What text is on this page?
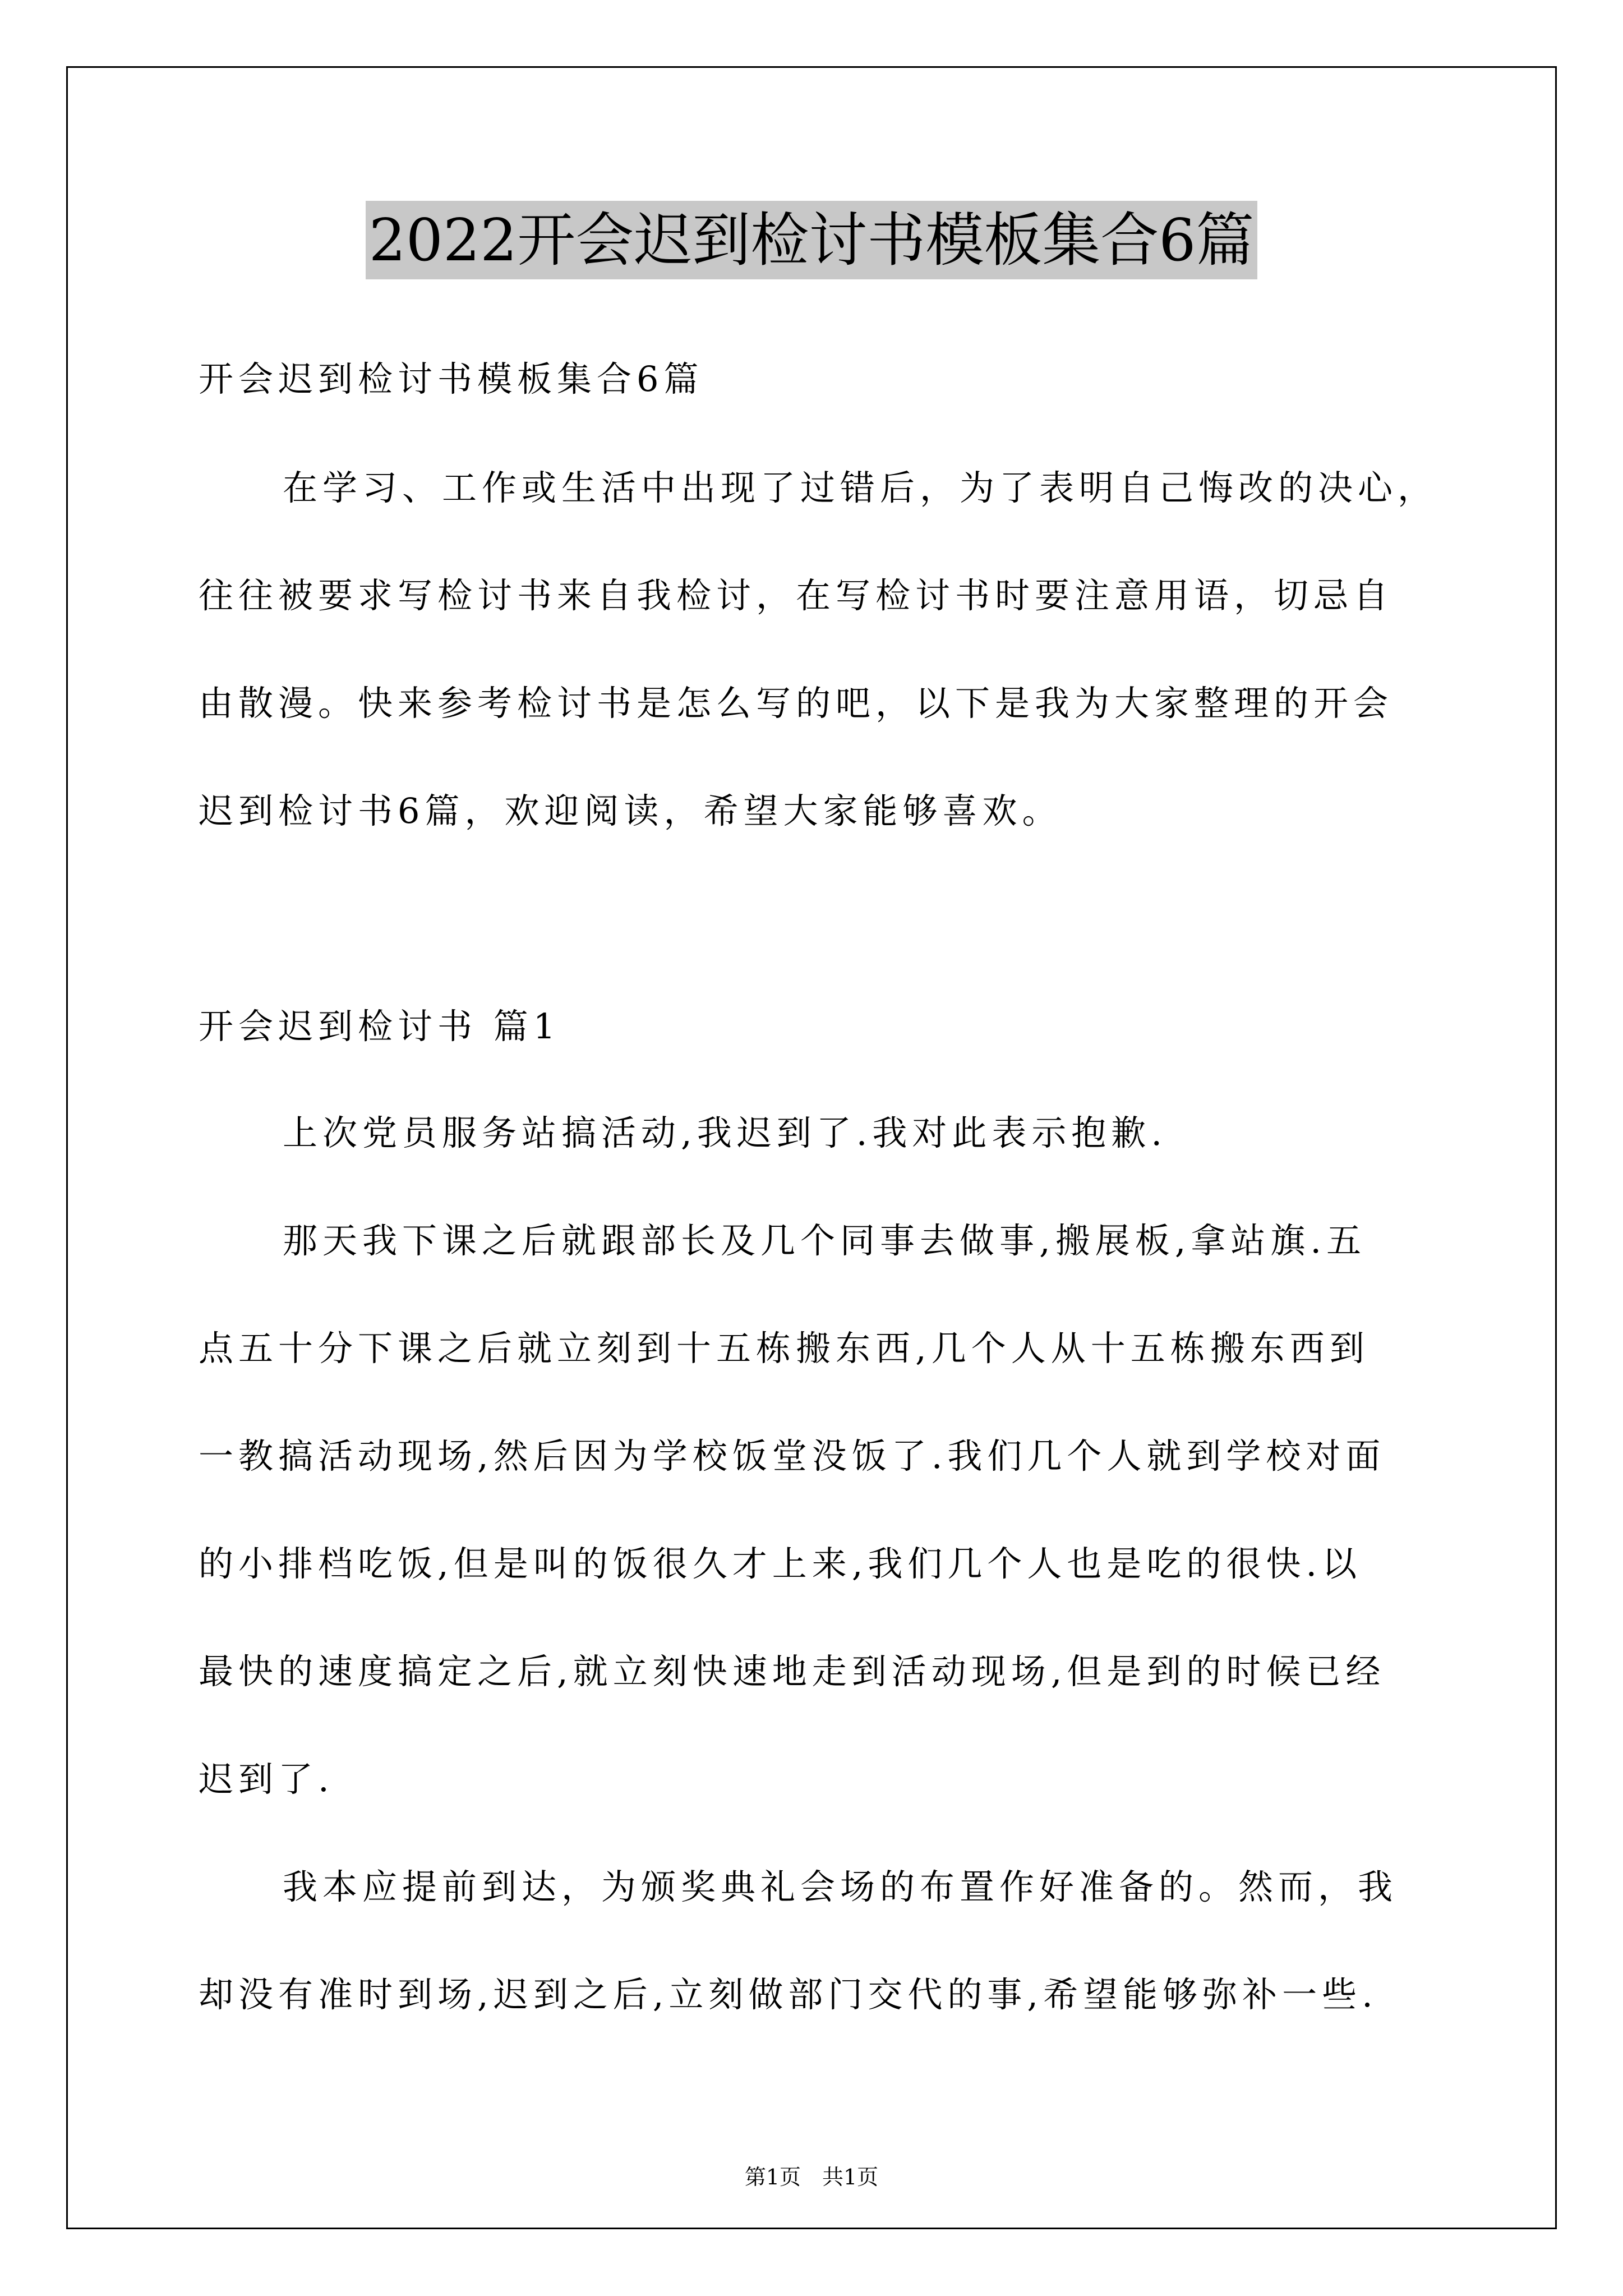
2022开会迟到检讨书模板集合6篇
开会迟到检讨书模板集合6篇
在学习、工作或生活中出现了过错后，为了表明自己悔改的决心，
往往被要求写检讨书来自我检讨，在写检讨书时要注意用语，切忌自
由散漫。快来参考检讨书是怎么写的吧，以下是我为大家整理的开会
迟到检讨书6篇，欢迎阅读，希望大家能够喜欢。
开会迟到检讨书 篇1
上次党员服务站搞活动,我迟到了.我对此表示抱歉.
那天我下课之后就跟部长及几个同事去做事,搬展板,拿站旗.五
点五十分下课之后就立刻到十五栋搬东西,几个人从十五栋搬东西到
一教搞活动现场,然后因为学校饭堂没饭了.我们几个人就到学校对面
的小排档吃饭,但是叫的饭很久才上来,我们几个人也是吃的很快.以
最快的速度搞定之后,就立刻快速地走到活动现场,但是到的时候已经
迟到了.
我本应提前到达，为颁奖典礼会场的布置作好准备的。然而，我
却没有准时到场,迟到之后,立刻做部门交代的事,希望能够弥补一些.
第1页　共1页
